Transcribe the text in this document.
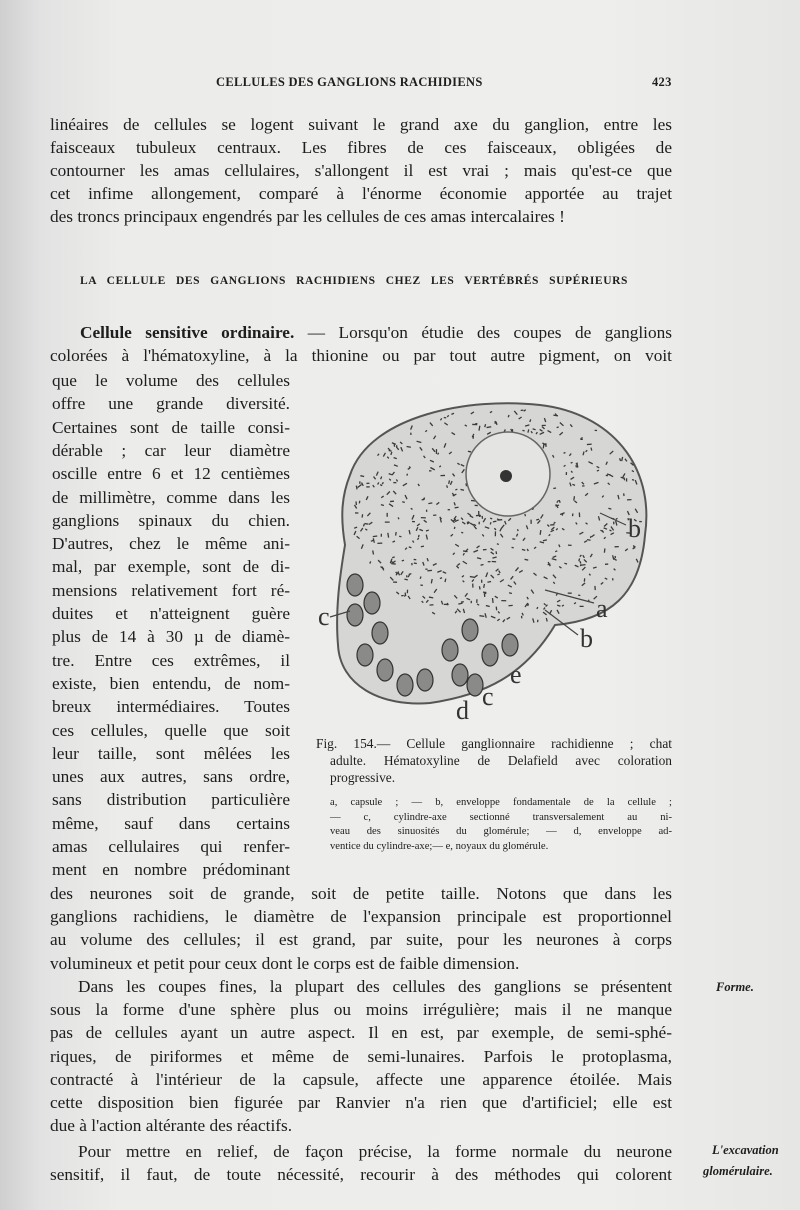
CELLULES DES GANGLIONS RACHIDIENS	423
linéaires de cellules se logent suivant le grand axe du ganglion, entre les
faisceaux tubuleux centraux. Les fibres de ces faisceaux, obligées de
contourner les amas cellulaires, s'allongent il est vrai ; mais qu'est-ce que
cet infime allongement, comparé à l'énorme économie apportée au trajet
des troncs principaux engendrés par les cellules de ces amas intercalaires !
colorées à l'hématoxyline, à la thionine ou par tout autre pigment, on voit
que le volume des cellules
offre une grande diversité.
Certaines sont de taille consi-
dérable ; car leur diamètre
oscille entre 6 et 12 centièmes
de millimètre, comme dans les
ganglions spinaux du chien.
D'autres, chez le même ani-
mal, par exemple, sont de di-
mensions relativement fort ré-
duites et n'atteignent guère
plus de 14 à 30 µ de diamè-
tre. Entre ces extrêmes, il
existe, bien entendu, de nom-
breux intermédiaires. Toutes
ces cellules, quelle que soit
leur taille, sont mêlées les
unes aux autres, sans ordre,
sans distribution particulière
même, sauf dans certains
amas cellulaires qui renfer-
ment en nombre prédominant
des neurones soit de grande, soit de petite taille. Notons que dans les
ganglions rachidiens, le diamètre de l'expansion principale est proportionnel
au volume des cellules; il est grand, par suite, pour les neurones à corps
volumineux et petit pour ceux dont le corps est de faible dimension.
Dans les coupes fines, la plupart des cellules des ganglions se présentent
sous la forme d'une sphère plus ou moins irrégulière; mais il ne manque
pas de cellules ayant un autre aspect. Il en est, par exemple, de semi-sphé-
riques, de piriformes et même de semi-lunaires. Parfois le protoplasma,
contracté à l'intérieur de la capsule, affecte une apparence étoilée. Mais
cette disposition bien figurée par Ranvier n'a rien que d'artificiel; elle est
due à l'action altérante des réactifs.
Pour mettre en relief, de façon précise, la forme normale du neurone
sensitif, il faut, de toute nécessité, recourir à des méthodes qui colorent
LA CELLULE DES GANGLIONS RACHIDIENS CHEZ LES VERTÉBRÉS SUPÉRIEURS
Cellule sensitive ordinaire. — Lorsqu'on étudie des coupes de ganglions
b
a
b
c
e
c
d
Fig. 154.— Cellule ganglionnaire rachidienne ; chat
adulte. Hématoxyline de Delafield avec coloration
progressive.
a, capsule ; — b, enveloppe fondamentale de la cellule ;
— c, cylindre-axe sectionné transversalement au ni-
veau des sinuosités du glomérule; — d, enveloppe ad-
ventice du cylindre-axe;— e, noyaux du glomérule.
Forme.
L'excavation
glomérulaire.
